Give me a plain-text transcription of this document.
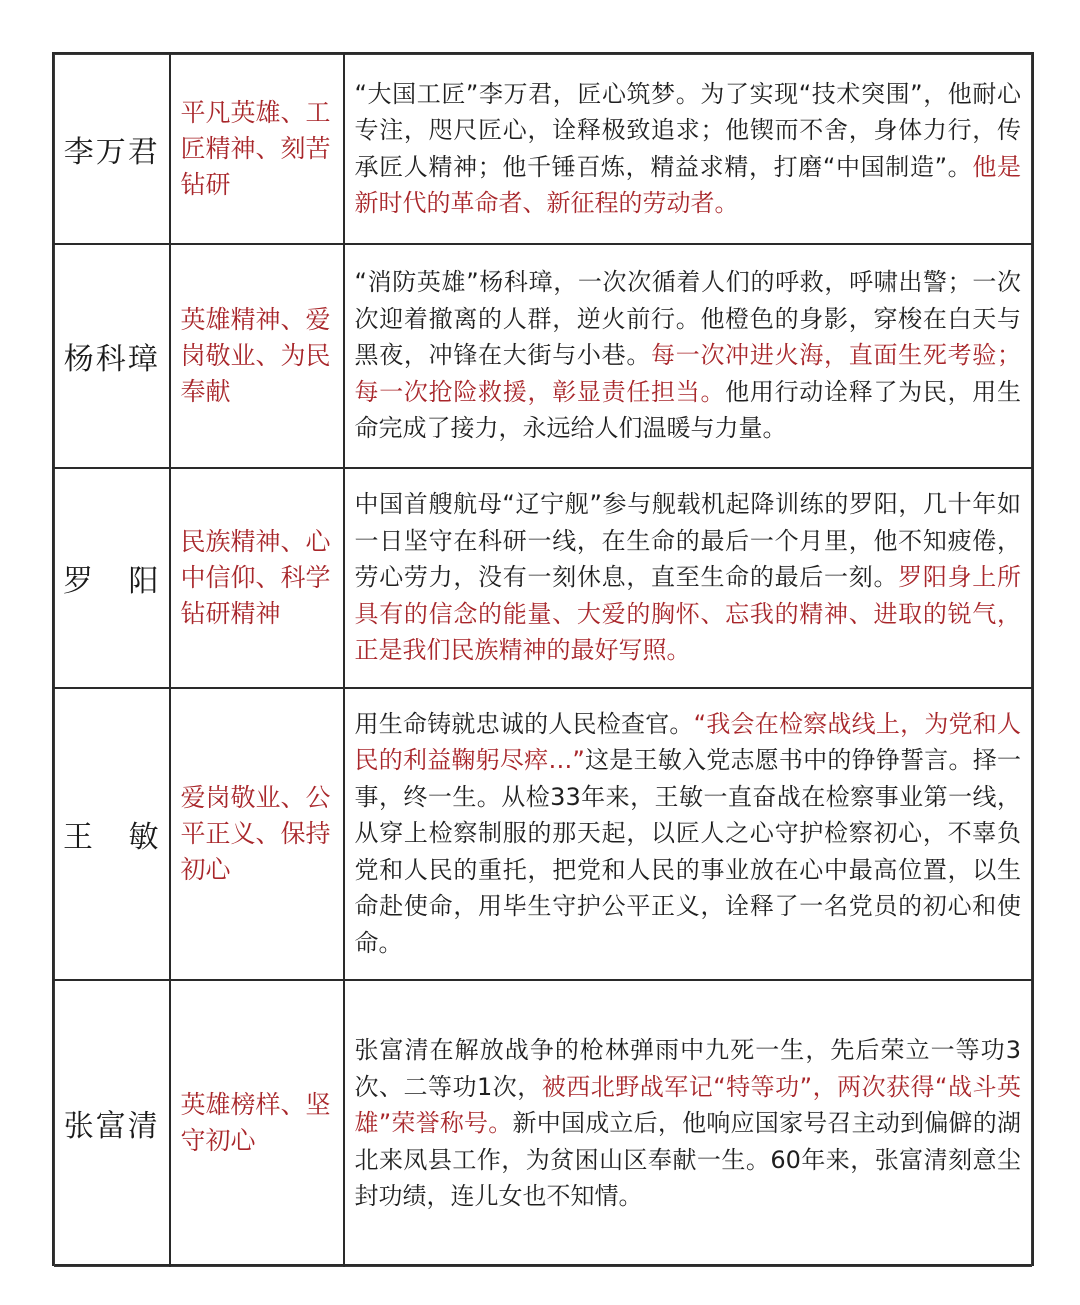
李万君	平凡英雄、工匠精神、刻苦钻研	“大国工匠”李万君，匠心筑梦。为了实现“技术突围”，他耐心专注，咫尺匠心，诠释极致追求；他锲而不舍，身体力行，传承匠人精神；他千锤百炼，精益求精，打磨“中国制造”。他是新时代的革命者、新征程的劳动者。

杨科璋	英雄精神、爱岗敬业、为民奉献	“消防英雄”杨科璋，一次次循着人们的呼救，呼啸出警；一次次迎着撤离的人群，逆火前行。他橙色的身影，穿梭在白天与黑夜，冲锋在大街与小巷。每一次冲进火海，直面生死考验；每一次抢险救援，彰显责任担当。他用行动诠释了为民，用生命完成了接力，永远给人们温暖与力量。

罗 阳	民族精神、心中信仰、科学钻研精神	中国首艘航母“辽宁舰”参与舰载机起降训练的罗阳，几十年如一日坚守在科研一线，在生命的最后一个月里，他不知疲倦，劳心劳力，没有一刻休息，直至生命的最后一刻。罗阳身上所具有的信念的能量、大爱的胸怀、忘我的精神、进取的锐气，正是我们民族精神的最好写照。

王 敏	爱岗敬业、公平正义、保持初心	用生命铸就忠诚的人民检查官。“我会在检察战线上，为党和人民的利益鞠躬尽瘁…”这是王敏入党志愿书中的铮铮誓言。择一事，终一生。从检33年来，王敏一直奋战在检察事业第一线，从穿上检察制服的那天起，以匠人之心守护检察初心，不辜负党和人民的重托，把党和人民的事业放在心中最高位置，以生命赴使命，用毕生守护公平正义，诠释了一名党员的初心和使命。

张富清	英雄榜样、坚守初心	张富清在解放战争的枪林弹雨中九死一生，先后荣立一等功3次、二等功1次，被西北野战军记“特等功”，两次获得“战斗英雄”荣誉称号。新中国成立后，他响应国家号召主动到偏僻的湖北来凤县工作，为贫困山区奉献一生。60年来，张富清刻意尘封功绩，连儿女也不知情。
